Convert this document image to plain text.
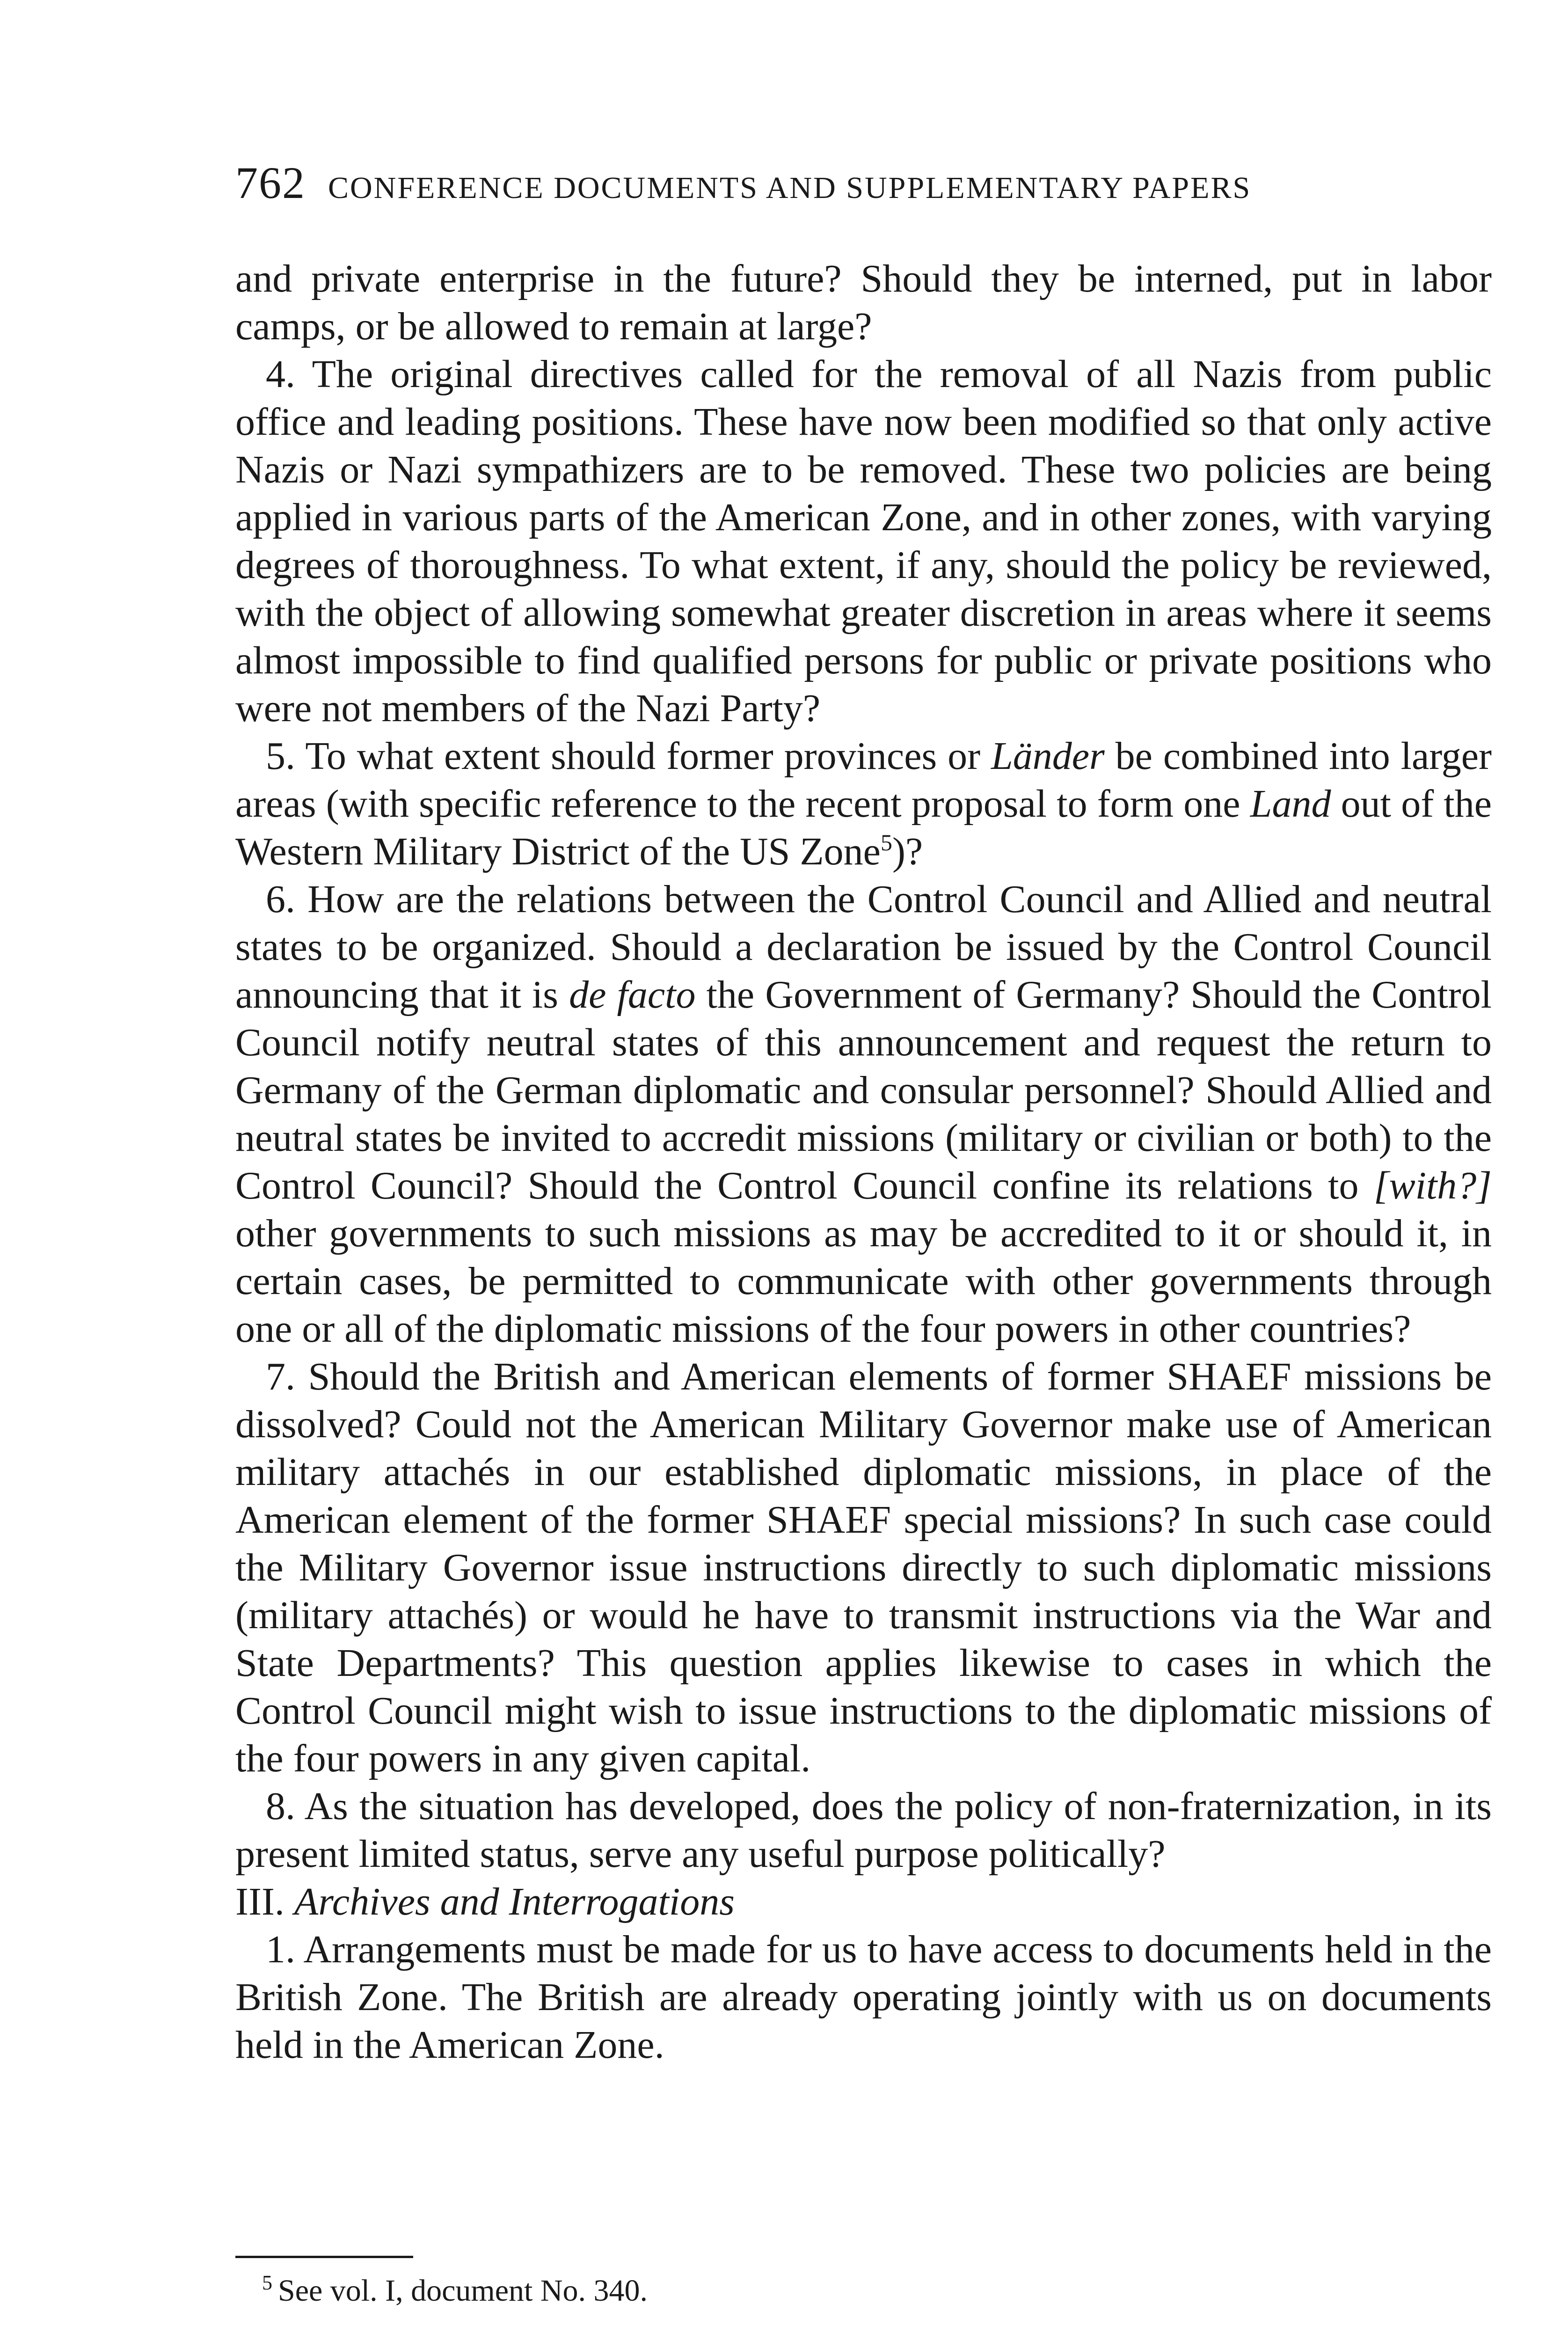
762 CONFERENCE DOCUMENTS AND SUPPLEMENTARY PAPERS

and private enterprise in the future? Should they be interned, put in labor camps, or be allowed to remain at large?

4. The original directives called for the removal of all Nazis from public office and leading positions. These have now been modified so that only active Nazis or Nazi sympathizers are to be removed. These two policies are being applied in various parts of the American Zone, and in other zones, with varying degrees of thoroughness. To what extent, if any, should the policy be reviewed, with the object of allowing somewhat greater discretion in areas where it seems almost impossible to find qualified persons for public or private positions who were not members of the Nazi Party?

5. To what extent should former provinces or Länder be combined into larger areas (with specific reference to the recent proposal to form one Land out of the Western Military District of the US Zone$^5$)?

6. How are the relations between the Control Council and Allied and neutral states to be organized. Should a declaration be issued by the Control Council announcing that it is de facto the Government of Germany? Should the Control Council notify neutral states of this announcement and request the return to Germany of the German diplomatic and consular personnel? Should Allied and neutral states be invited to accredit missions (military or civilian or both) to the Control Council? Should the Control Council confine its relations to [with?] other governments to such missions as may be accredited to it or should it, in certain cases, be permitted to communicate with other governments through one or all of the diplomatic missions of the four powers in other countries?

7. Should the British and American elements of former SHAEF missions be dissolved? Could not the American Military Governor make use of American military attachés in our established diplomatic missions, in place of the American element of the former SHAEF special missions? In such case could the Military Governor issue instructions directly to such diplomatic missions (military attachés) or would he have to transmit instructions via the War and State Departments? This question applies likewise to cases in which the Control Council might wish to issue instructions to the diplomatic missions of the four powers in any given capital.

8. As the situation has developed, does the policy of non-fraternization, in its present limited status, serve any useful purpose politically?

III. Archives and Interrogations

1. Arrangements must be made for us to have access to documents held in the British Zone. The British are already operating jointly with us on documents held in the American Zone.

$^5$ See vol. I, document No. 340.
